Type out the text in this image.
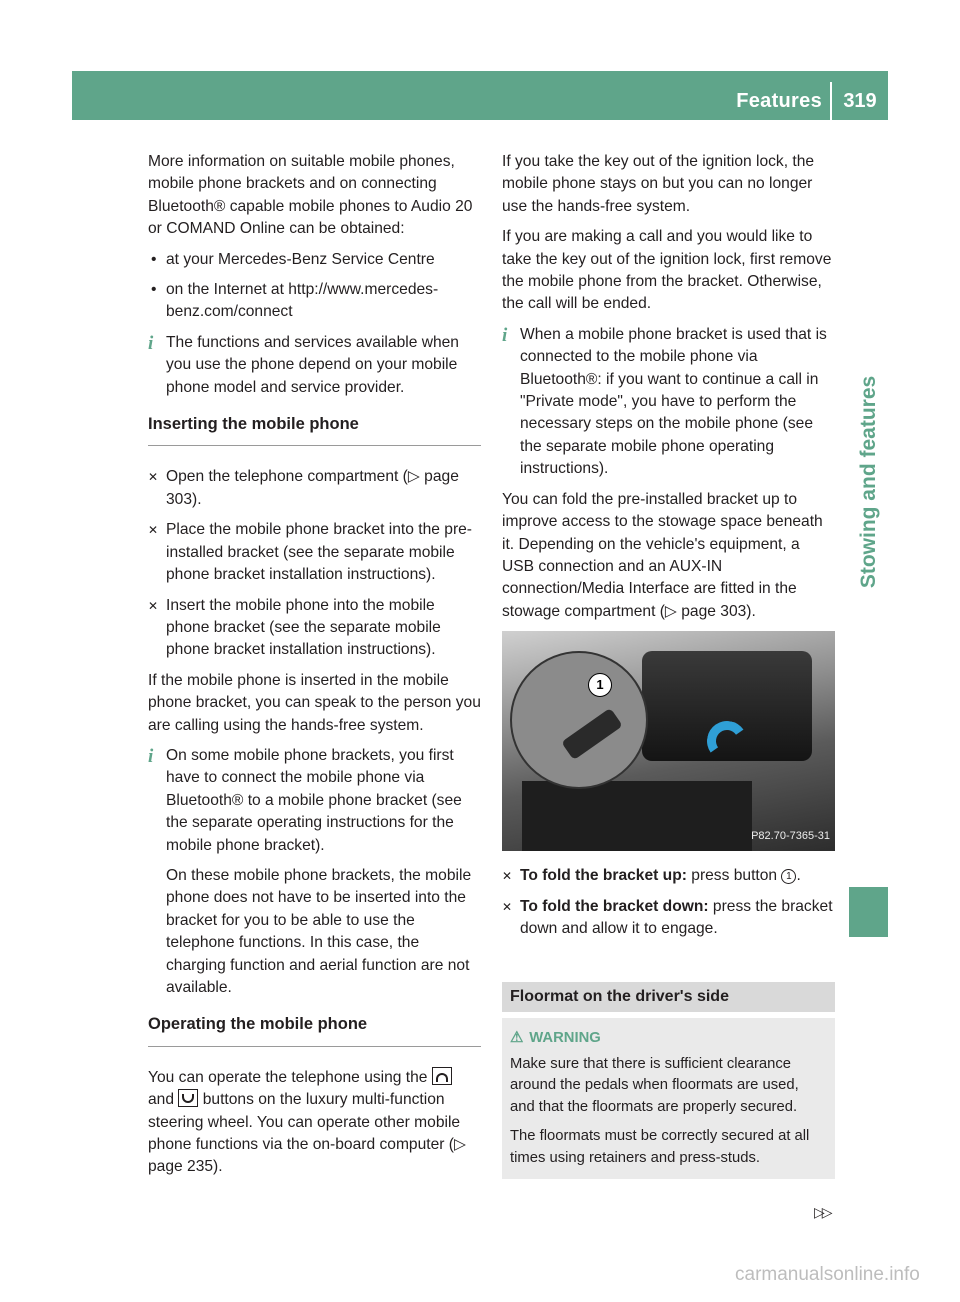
Features	319
Stowing and features

More information on suitable mobile phones, mobile phone brackets and on connecting Bluetooth® capable mobile phones to Audio 20 or COMAND Online can be obtained:

• at your Mercedes-Benz Service Centre

• on the Internet at http://www.mercedes-benz.com/connect

i The functions and services available when you use the phone depend on your mobile phone model and service provider.

Inserting the mobile phone

✕ Open the telephone compartment (▷ page 303).

✕ Place the mobile phone bracket into the pre-installed bracket (see the separate mobile phone bracket installation instructions).

✕ Insert the mobile phone into the mobile phone bracket (see the separate mobile phone bracket installation instructions).

If the mobile phone is inserted in the mobile phone bracket, you can speak to the person you are calling using the hands-free system.

i On some mobile phone brackets, you first have to connect the mobile phone via Bluetooth® to a mobile phone bracket (see the separate operating instructions for the mobile phone bracket).

On these mobile phone brackets, the mobile phone does not have to be inserted into the bracket for you to be able to use the telephone functions. In this case, the charging function and aerial function are not available.

Operating the mobile phone

You can operate the telephone using the  and buttons on the luxury multi-function steering wheel. You can operate other mobile phone functions via the on-board computer (▷ page 235).

If you take the key out of the ignition lock, the mobile phone stays on but you can no longer use the hands-free system.

If you are making a call and you would like to take the key out of the ignition lock, first remove the mobile phone from the bracket. Otherwise, the call will be ended.

i When a mobile phone bracket is used that is connected to the mobile phone via Bluetooth®: if you want to continue a call in "Private mode", you have to perform the necessary steps on the mobile phone (see the separate mobile phone operating instructions).

You can fold the pre-installed bracket up to improve access to the stowage space beneath it. Depending on the vehicle's equipment, a USB connection and an AUX-IN connection/Media Interface are fitted in the stowage compartment (▷ page 303).

1
P82.70-7365-31

✕ To fold the bracket up: press button 1 .

✕ To fold the bracket down: press the bracket down and allow it to engage.

Floormat on the driver's side
⚠ WARNING

Make sure that there is sufficient clearance around the pedals when floormats are used, and that the floormats are properly secured.

The floormats must be correctly secured at all times using retainers and press-studs.

▷▷
carmanualsonline.info
